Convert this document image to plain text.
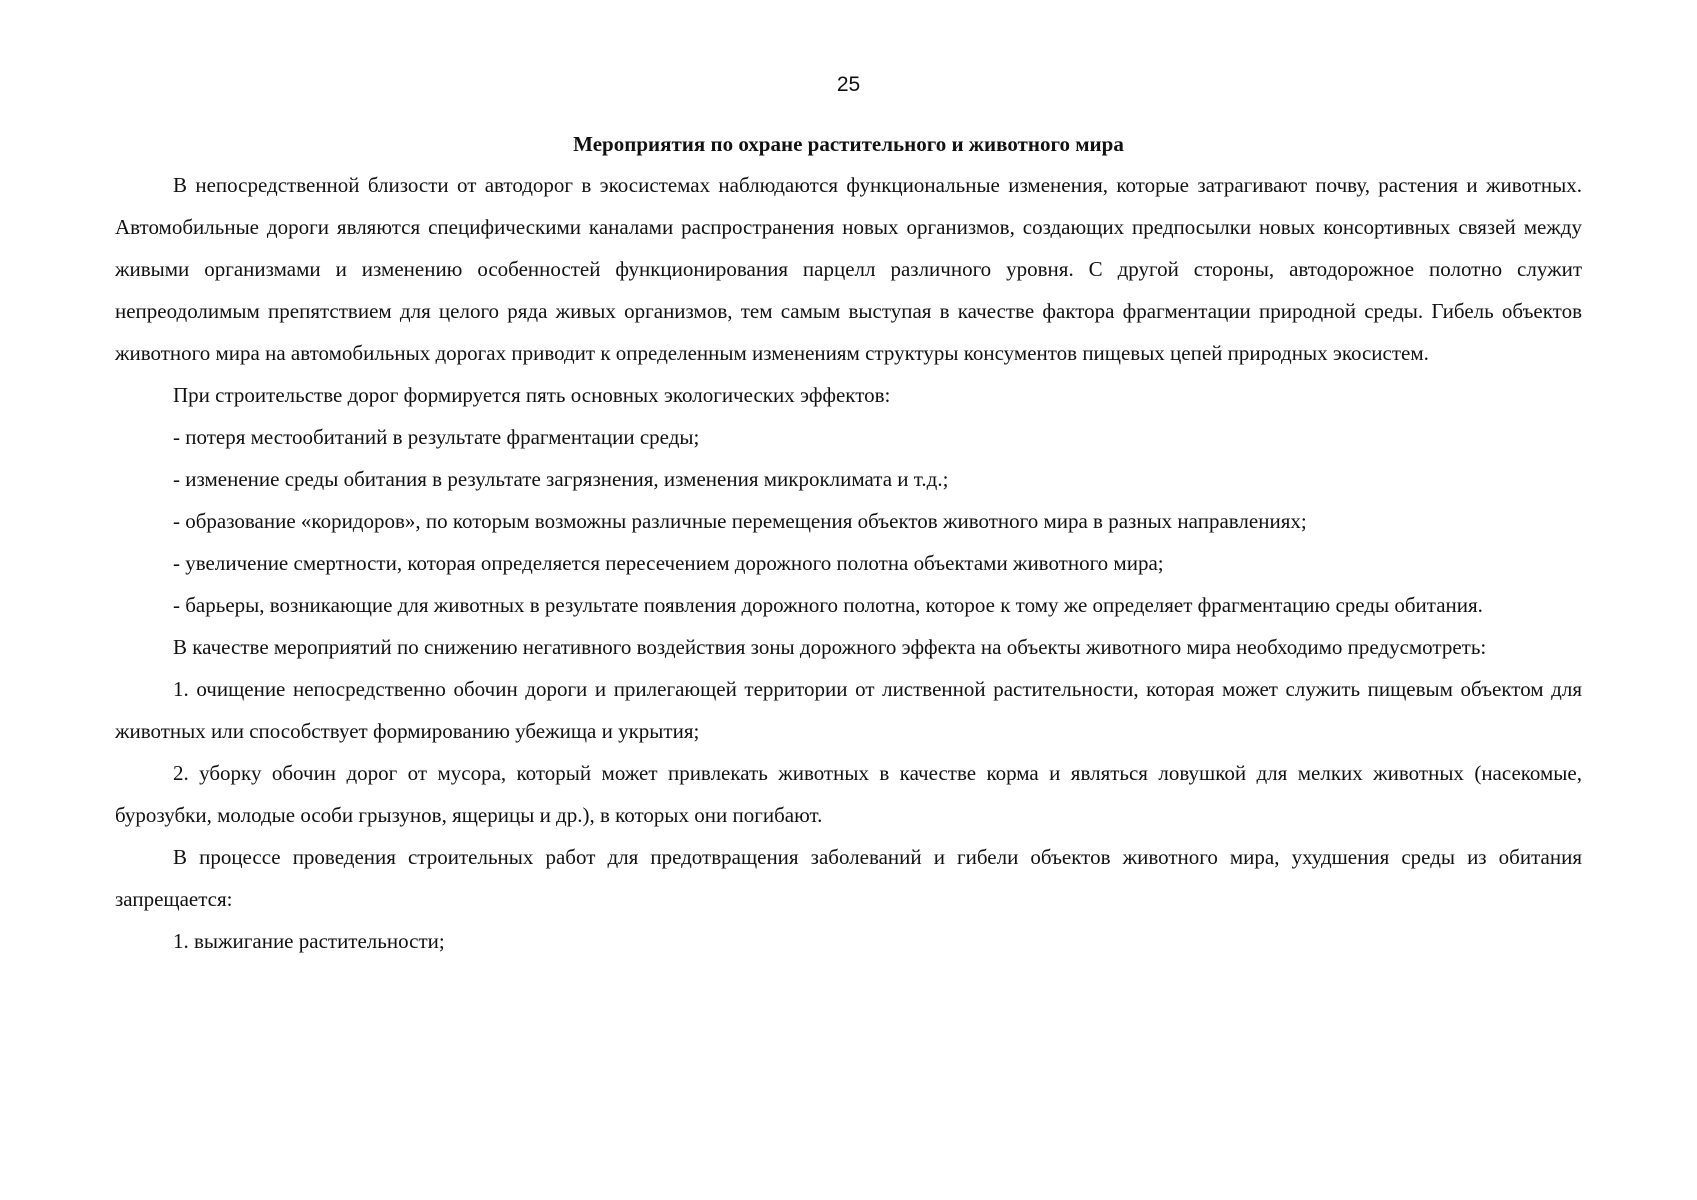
25
Мероприятия по охране растительного и животного мира

В непосредственной близости от автодорог в экосистемах наблюдаются функциональные изменения, которые затрагивают почву, растения и животных. Автомобильные дороги являются специфическими каналами распространения новых организмов, создающих предпосылки новых консортивных связей между живыми организмами и изменению особенностей функционирования парцелл различного уровня. С другой стороны, автодорожное полотно служит непреодолимым препятствием для целого ряда живых организмов, тем самым выступая в качестве фактора фрагментации природной среды. Гибель объектов животного мира на автомобильных дорогах приводит к определенным изменениям структуры консументов пищевых цепей природных экосистем.

При строительстве дорог формируется пять основных экологических эффектов:

- потеря местообитаний в результате фрагментации среды;

- изменение среды обитания в результате загрязнения, изменения микроклимата и т.д.;

- образование «коридоров», по которым возможны различные перемещения объектов животного мира в разных направлениях;

- увеличение смертности, которая определяется пересечением дорожного полотна объектами животного мира;

- барьеры, возникающие для животных в результате появления дорожного полотна, которое к тому же определяет фрагментацию среды обитания.

В качестве мероприятий по снижению негативного воздействия зоны дорожного эффекта на объекты животного мира необходимо предусмотреть:

1. очищение непосредственно обочин дороги и прилегающей территории от лиственной растительности, которая может служить пищевым объектом для животных или способствует формированию убежища и укрытия;

2. уборку обочин дорог от мусора, который может привлекать животных в качестве корма и являться ловушкой для мелких животных (насекомые, бурозубки, молодые особи грызунов, ящерицы и др.), в которых они погибают.

В процессе проведения строительных работ для предотвращения заболеваний и гибели объектов животного мира, ухудшения среды из обитания запрещается:

1. выжигание растительности;
